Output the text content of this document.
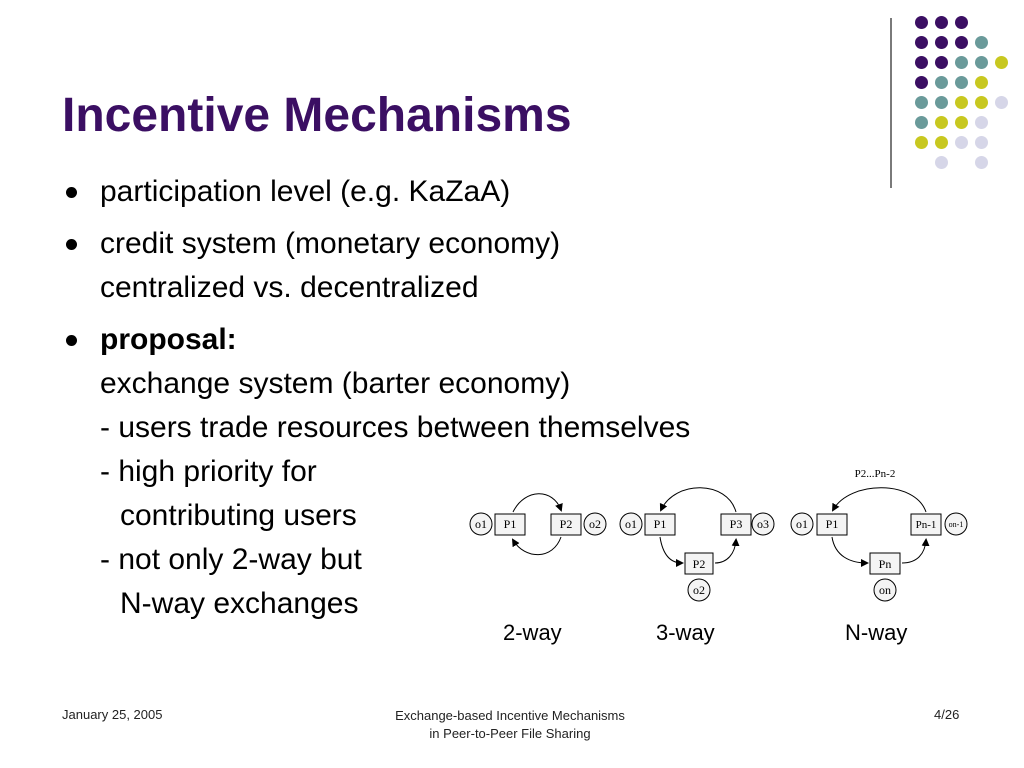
Incentive Mechanisms
participation level (e.g. KaZaA)
credit system (monetary economy)
centralized vs. decentralized
proposal:
exchange system (barter economy)
- users trade resources between themselves
- high priority for
contributing users
- not only 2-way but
N-way exchanges
o1 P1	P2 o2 o1 P1	P3 o3
P2
o2
P2...Pn-2
o1 P1	Pn-1 on-1
Pn
on
2-way	3-way	N-way
January 25, 2005	Exchange-based Incentive Mechanisms
in Peer-to-Peer File Sharing
4/26
